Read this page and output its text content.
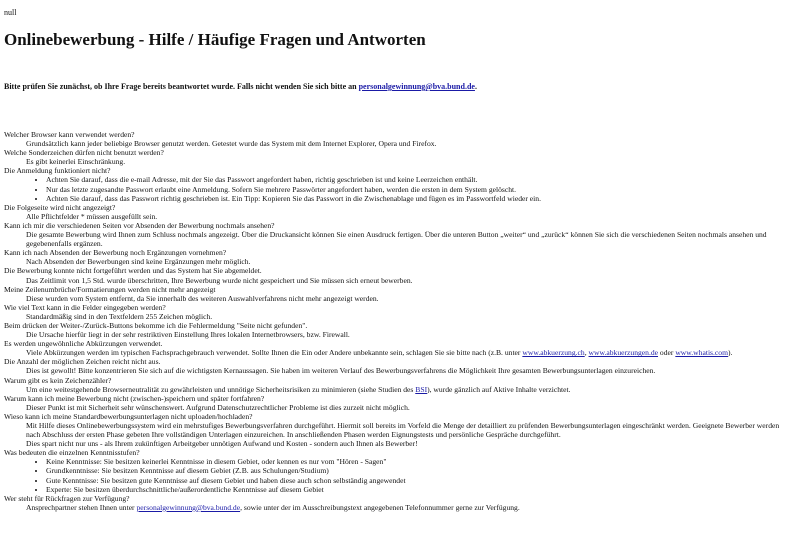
null
Onlinebewerbung - Hilfe / Häufige Fragen und Antworten
Bitte prüfen Sie zunächst, ob Ihre Frage bereits beantwortet wurde. Falls nicht wenden Sie sich bitte an personalgewinnung@bva.bund.de.
Welcher Browser kann verwendet werden?
Grundsätzlich kann jeder beliebige Browser genutzt werden. Getestet wurde das System mit dem Internet Explorer, Opera und Firefox.
Welche Sonderzeichen dürfen nicht benutzt werden?
Es gibt keinerlei Einschränkung.
Die Anmeldung funktioniert nicht?
• Achten Sie darauf, dass die e-mail Adresse, mit der Sie das Passwort angefordert haben, richtig geschrieben ist und keine Leerzeichen enthält.
• Nur das letzte zugesandte Passwort erlaubt eine Anmeldung. Sofern Sie mehrere Passwörter angefordert haben, werden die ersten in dem System gelöscht.
• Achten Sie darauf, dass das Passwort richtig geschrieben ist. Ein Tipp: Kopieren Sie das Passwort in die Zwischenablage und fügen es im Passwortfeld wieder ein.
Die Folgeseite wird nicht angezeigt?
Alle Pflichtfelder * müssen ausgefüllt sein.
Kann ich mir die verschiedenen Seiten vor Absenden der Bewerbung nochmals ansehen?
Die gesamte Bewerbung wird Ihnen zum Schluss nochmals angezeigt. Über die Druckansicht können Sie einen Ausdruck fertigen. Über die unteren Button „weiter“ und „zurück“ können Sie sich die verschiedenen Seiten nochmals ansehen und gegebenenfalls ergänzen.
Kann ich nach Absenden der Bewerbung noch Ergänzungen vornehmen?
Nach Absenden der Bewerbungen sind keine Ergänzungen mehr möglich.
Die Bewerbung konnte nicht fortgeführt werden und das System hat Sie abgemeldet.
Das Zeitlimit von 1,5 Std. wurde überschritten, Ihre Bewerbung wurde nicht gespeichert und Sie müssen sich erneut bewerben.
Meine Zeilenumbrüche/Formatierungen werden nicht mehr angezeigt
Diese wurden vom System entfernt, da Sie innerhalb des weiteren Auswahlverfahrens nicht mehr angezeigt werden.
Wie viel Text kann in die Felder eingegeben werden?
Standardmäßig sind in den Textfeldern 255 Zeichen möglich.
Beim drücken der Weiter-/Zurück-Buttons bekomme ich die Fehlermeldung "Seite nicht gefunden".
Die Ursache hierfür liegt in der sehr restriktiven Einstellung Ihres lokalen Internetbrowsers, bzw. Firewall.
Es werden ungewöhnliche Abkürzungen verwendet.
Viele Abkürzungen werden im typischen Fachsprachgebrauch verwendet. Sollte Ihnen die Ein oder Andere unbekannte sein, schlagen Sie sie bitte nach (z.B. unter www.abkuerzung.ch, www.abkuerzungen.de oder www.whatis.com).
Die Anzahl der möglichen Zeichen reicht nicht aus.
Dies ist gewollt! Bitte konzentrieren Sie sich auf die wichtigsten Kernaussagen. Sie haben im weiteren Verlauf des Bewerbungsverfahrens die Möglichkeit Ihre gesamten Bewerbungsunterlagen einzureichen.
Warum gibt es kein Zeichenzähler?
Um eine weitestgehende Browserneutralität zu gewährleisten und unnötige Sicherheitsrisiken zu minimieren (siehe Studien des BSI), wurde gänzlich auf Aktive Inhalte verzichtet.
Warum kann ich meine Bewerbung nicht (zwischen-)speichern und später fortfahren?
Dieser Punkt ist mit Sicherheit sehr wünschenswert. Aufgrund Datenschutzrechtlicher Probleme ist dies zurzeit nicht möglich.
Wieso kann ich meine Standardbewerbungsunterlagen nicht uploaden/hochladen?
Mit Hilfe dieses Onlinebewerbungssystem wird ein mehrstufiges Bewerbungsverfahren durchgeführt. Hiermit soll bereits im Vorfeld die Menge der detailliert zu prüfenden Bewerbungsunterlagen eingeschränkt werden. Geeignete Bewerber werden nach Abschluss der ersten Phase gebeten Ihre vollständigen Unterlagen einzureichen. In anschließenden Phasen werden Eignungstests und persönliche Gespräche durchgeführt.
Dies spart nicht nur uns - als Ihrem zukünftigen Arbeitgeber unnötigen Aufwand und Kosten - sondern auch Ihnen als Bewerber!
Was bedeuten die einzelnen Kenntnisstufen?
• Keine Kenntnisse: Sie besitzen keinerlei Kenntnisse in diesem Gebiet, oder kennen es nur vom "Hören - Sagen"
• Grundkenntnisse: Sie besitzen Kenntnisse auf diesem Gebiet (Z.B. aus Schulungen/Studium)
• Gute Kenntnisse: Sie besitzen gute Kenntnisse auf diesem Gebiet und haben diese auch schon selbständig angewendet
• Experte: Sie besitzen überdurchschnittliche/außerordentliche Kenntnisse auf diesem Gebiet
Wer steht für Rückfragen zur Verfügung?
Ansprechpartner stehen Ihnen unter personalgewinnung@bva.bund.de, sowie unter der im Ausschreibungstext angegebenen Telefonnummer gerne zur Verfügung.
